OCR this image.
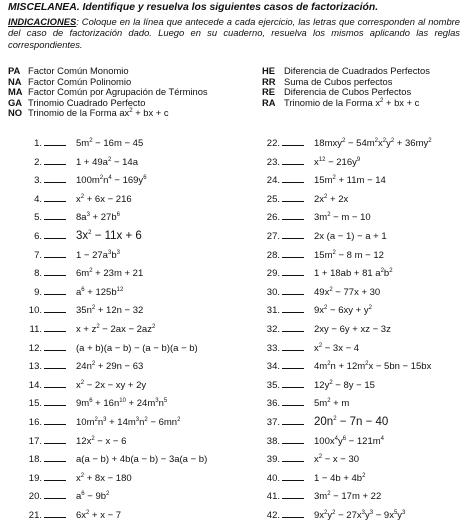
MISCELANEA. Identifique y resuelva los siguientes casos de factorización.
INDICACIONES: Coloque en la línea que antecede a cada ejercicio, las letras que corresponden al nombre del caso de factorización dado. Luego en su cuaderno, resuelva los mismos aplicando las reglas correspondientes.
PA Factor Común Monomio
NA Factor Común Polinomio
MA Factor Común por Agrupación de Términos
GA Trinomio Cuadrado Perfecto
NO Trinomio de la Forma $ax^2$ + bx + c
HE Diferencia de Cuadrados Perfectos
RR Suma de Cubos perfectos
RE Diferencia de Cubos Perfectos
RA Trinomio de la Forma $x^2$ + bx + c
1.	$5m^2 - 16m - 45$
2.	$1 + 49a^2 - 14a$
3.	$100m^2n^4 - 169y^6$
4.	$x^2 + 6x - 216$
5.	$8a^3 + 27b^6$
6.	$3x^2 - 11x + 6$
7.	$1 - 27a^3b^3$
8.	$6m^2 + 23m + 21$
9.	$a^6 + 125b^{12}$
10.	$35n^2 + 12n - 32$
11.	$x + z^2 - 2ax - 2az^2$
12.	(a + b)(a − b) − (a − b)(a − b)
13.	$24n^2 + 29n - 63$
14.	$x^2 - 2x$ − xy + 2y
15.	$9m^6 + 16n^{10} + 24m^3n^5$
16.	$10m^2n^3 + 14m^3n^2 - 6mn^2$
17.	$12x^2 - x - 6$
18.	a(a − b) + 4b(a − b) − 3a(a − b)
19.	$x^2 + 8x - 180$
20.	$a^6 - 9b^2$
21.	$6x^2 + x - 7$
22.	$18mxy^2 - 54m^2x^2y^2 + 36my^2$
23.	$x^{12} - 216y^9$
24.	$15m^2 + 11m - 14$
25.	$2x^2 + 2x$
26.	$3m^2 - m - 10$
27.	2x (a − 1) − a + 1
28.	$15m^2 - 8$ m − 12
29.	1 + 18ab + 81 $a^2b^2$
30.	$49x^2 - 77x + 30$
31.	$9x^2 - 6xy + y^2$
32.	2xy − 6y + xz − 3z
33.	$x^2 - 3x - 4$
34.	$4m^2n + 12m^2x - 5bn - 15bx$
35.	$12y^2 - 8y - 15$
36.	$5m^2 + m$
37.	$20n^2 - 7n - 40$
38.	$100x^4y^6 - 121m^4$
39.	$x^2 - x - 30$
40.	$1 - 4b + 4b^2$
41.	$3m^2 - 17m + 22$
42.	$9x^2y^2 - 27x^3y^3 - 9x^5y^3$
